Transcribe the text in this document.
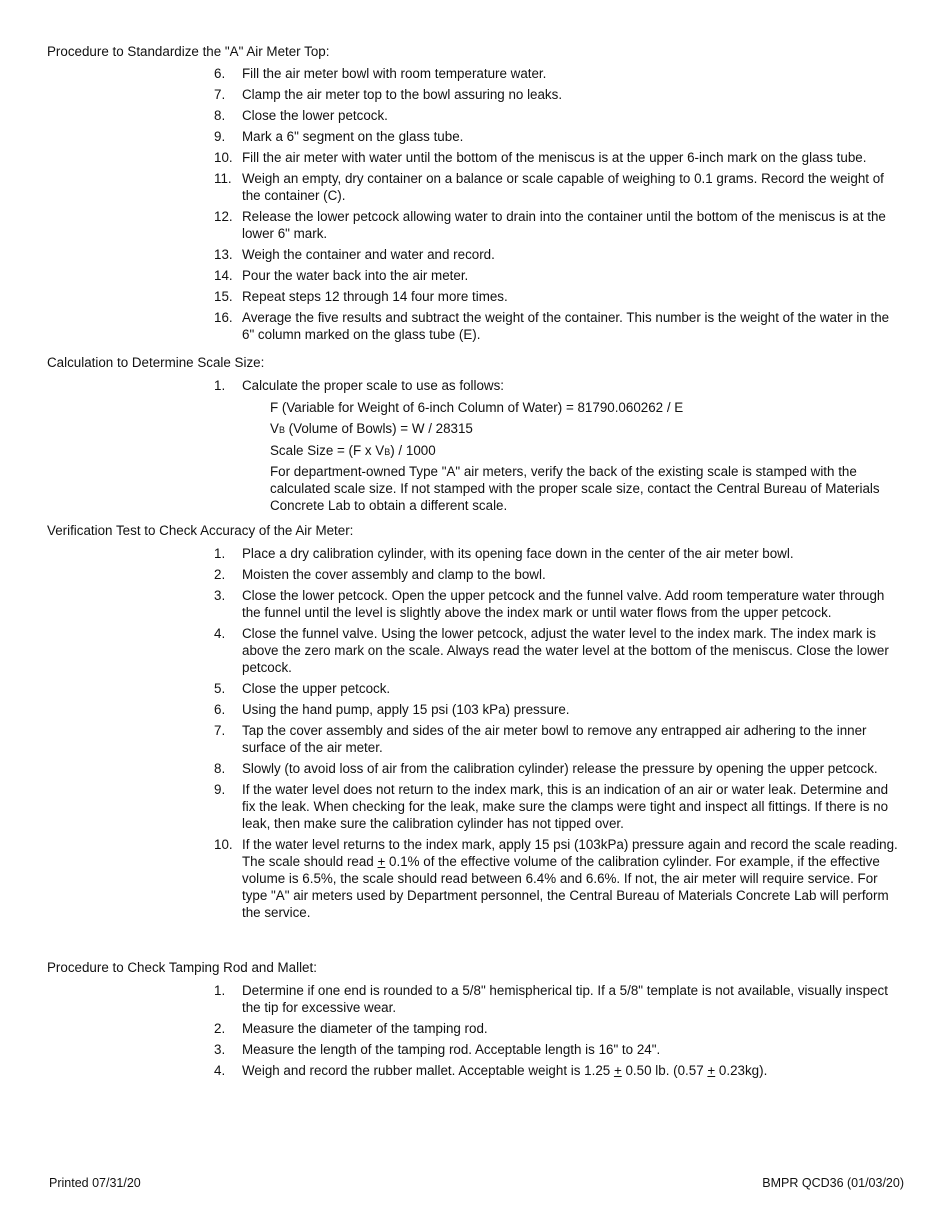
Procedure to Standardize the "A" Air Meter Top:
6.	Fill the air meter bowl with room temperature water.
7.	Clamp the air meter top to the bowl assuring no leaks.
8.	Close the lower petcock.
9.	Mark a 6" segment on the glass tube.
10. Fill the air meter with water until the bottom of the meniscus is at the upper 6-inch mark on the glass tube.
11. Weigh an empty, dry container on a balance or scale capable of weighing to 0.1 grams. Record the weight of the container (C).
12. Release the lower petcock allowing water to drain into the container until the bottom of the meniscus is at the lower 6" mark.
13. Weigh the container and water and record.
14. Pour the water back into the air meter.
15. Repeat steps 12 through 14 four more times.
16. Average the five results and subtract the weight of the container. This number is the weight of the water in the 6" column marked on the glass tube (E).
Calculation to Determine Scale Size:
1.	Calculate the proper scale to use as follows:
F (Variable for Weight of 6-inch Column of Water) = 81790.060262 / E
VB (Volume of Bowls) = W / 28315
Scale Size = (F x VB) / 1000
For department-owned Type "A" air meters, verify the back of the existing scale is stamped with the calculated scale size. If not stamped with the proper scale size, contact the Central Bureau of Materials Concrete Lab to obtain a different scale.
Verification Test to Check Accuracy of the Air Meter:
1.	Place a dry calibration cylinder, with its opening face down in the center of the air meter bowl.
2.	Moisten the cover assembly and clamp to the bowl.
3.	Close the lower petcock. Open the upper petcock and the funnel valve. Add room temperature water through the funnel until the level is slightly above the index mark or until water flows from the upper petcock.
4.	Close the funnel valve. Using the lower petcock, adjust the water level to the index mark. The index mark is above the zero mark on the scale. Always read the water level at the bottom of the meniscus. Close the lower petcock.
5.	Close the upper petcock.
6.	Using the hand pump, apply 15 psi (103 kPa) pressure.
7.	Tap the cover assembly and sides of the air meter bowl to remove any entrapped air adhering to the inner surface of the air meter.
8.	Slowly (to avoid loss of air from the calibration cylinder) release the pressure by opening the upper petcock.
9.	If the water level does not return to the index mark, this is an indication of an air or water leak. Determine and fix the leak. When checking for the leak, make sure the clamps were tight and inspect all fittings. If there is no leak, then make sure the calibration cylinder has not tipped over.
10. If the water level returns to the index mark, apply 15 psi (103kPa) pressure again and record the scale reading. The scale should read + 0.1% of the effective volume of the calibration cylinder. For example, if the effective volume is 6.5%, the scale should read between 6.4% and 6.6%. If not, the air meter will require service. For type "A" air meters used by Department personnel, the Central Bureau of Materials Concrete Lab will perform the service.
Procedure to Check Tamping Rod and Mallet:
1.	Determine if one end is rounded to a 5/8" hemispherical tip. If a 5/8" template is not available, visually inspect the tip for excessive wear.
2.	Measure the diameter of the tamping rod.
3.	Measure the length of the tamping rod. Acceptable length is 16" to 24".
4.	Weigh and record the rubber mallet. Acceptable weight is 1.25 + 0.50 lb. (0.57 + 0.23kg).
Printed 07/31/20	BMPR QCD36 (01/03/20)
